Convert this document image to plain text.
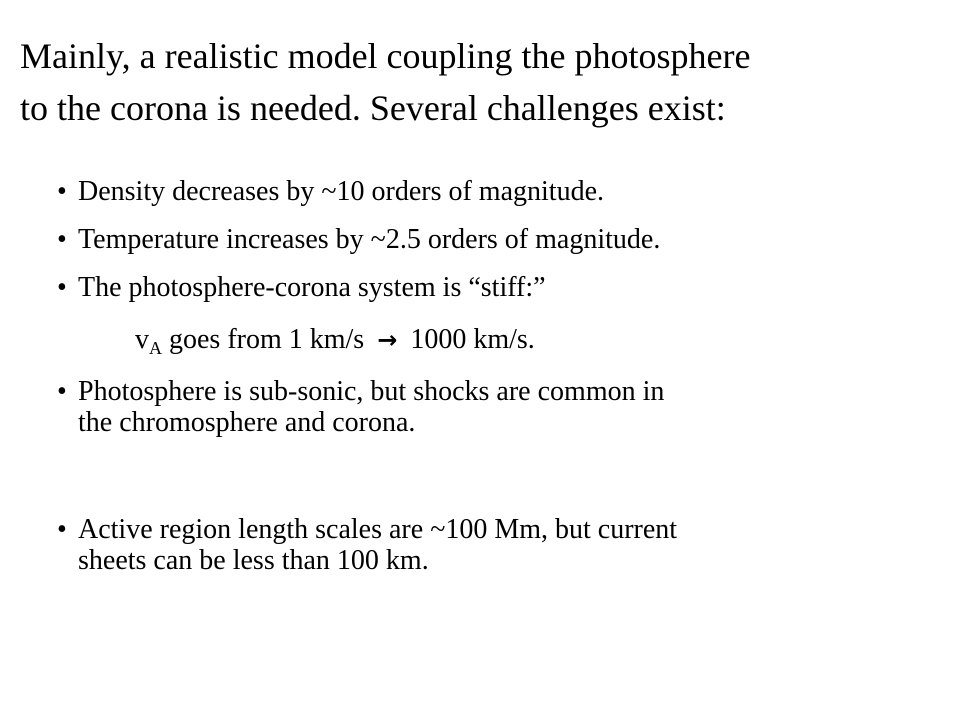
Mainly, a realistic model coupling the photosphere
to the corona is needed. Several challenges exist:
• Density decreases by ~10 orders of magnitude.
• Temperature increases by ~2.5 orders of magnitude.
• The photosphere-corona system is “stiff:”
• Photosphere is sub-sonic, but shocks are common in
the chromosphere and corona.
• Active region length scales are ~100 Mm, but current
sheets can be less than 100 km.
$v_A$ goes from 1 km/s → 1000 km/s.
